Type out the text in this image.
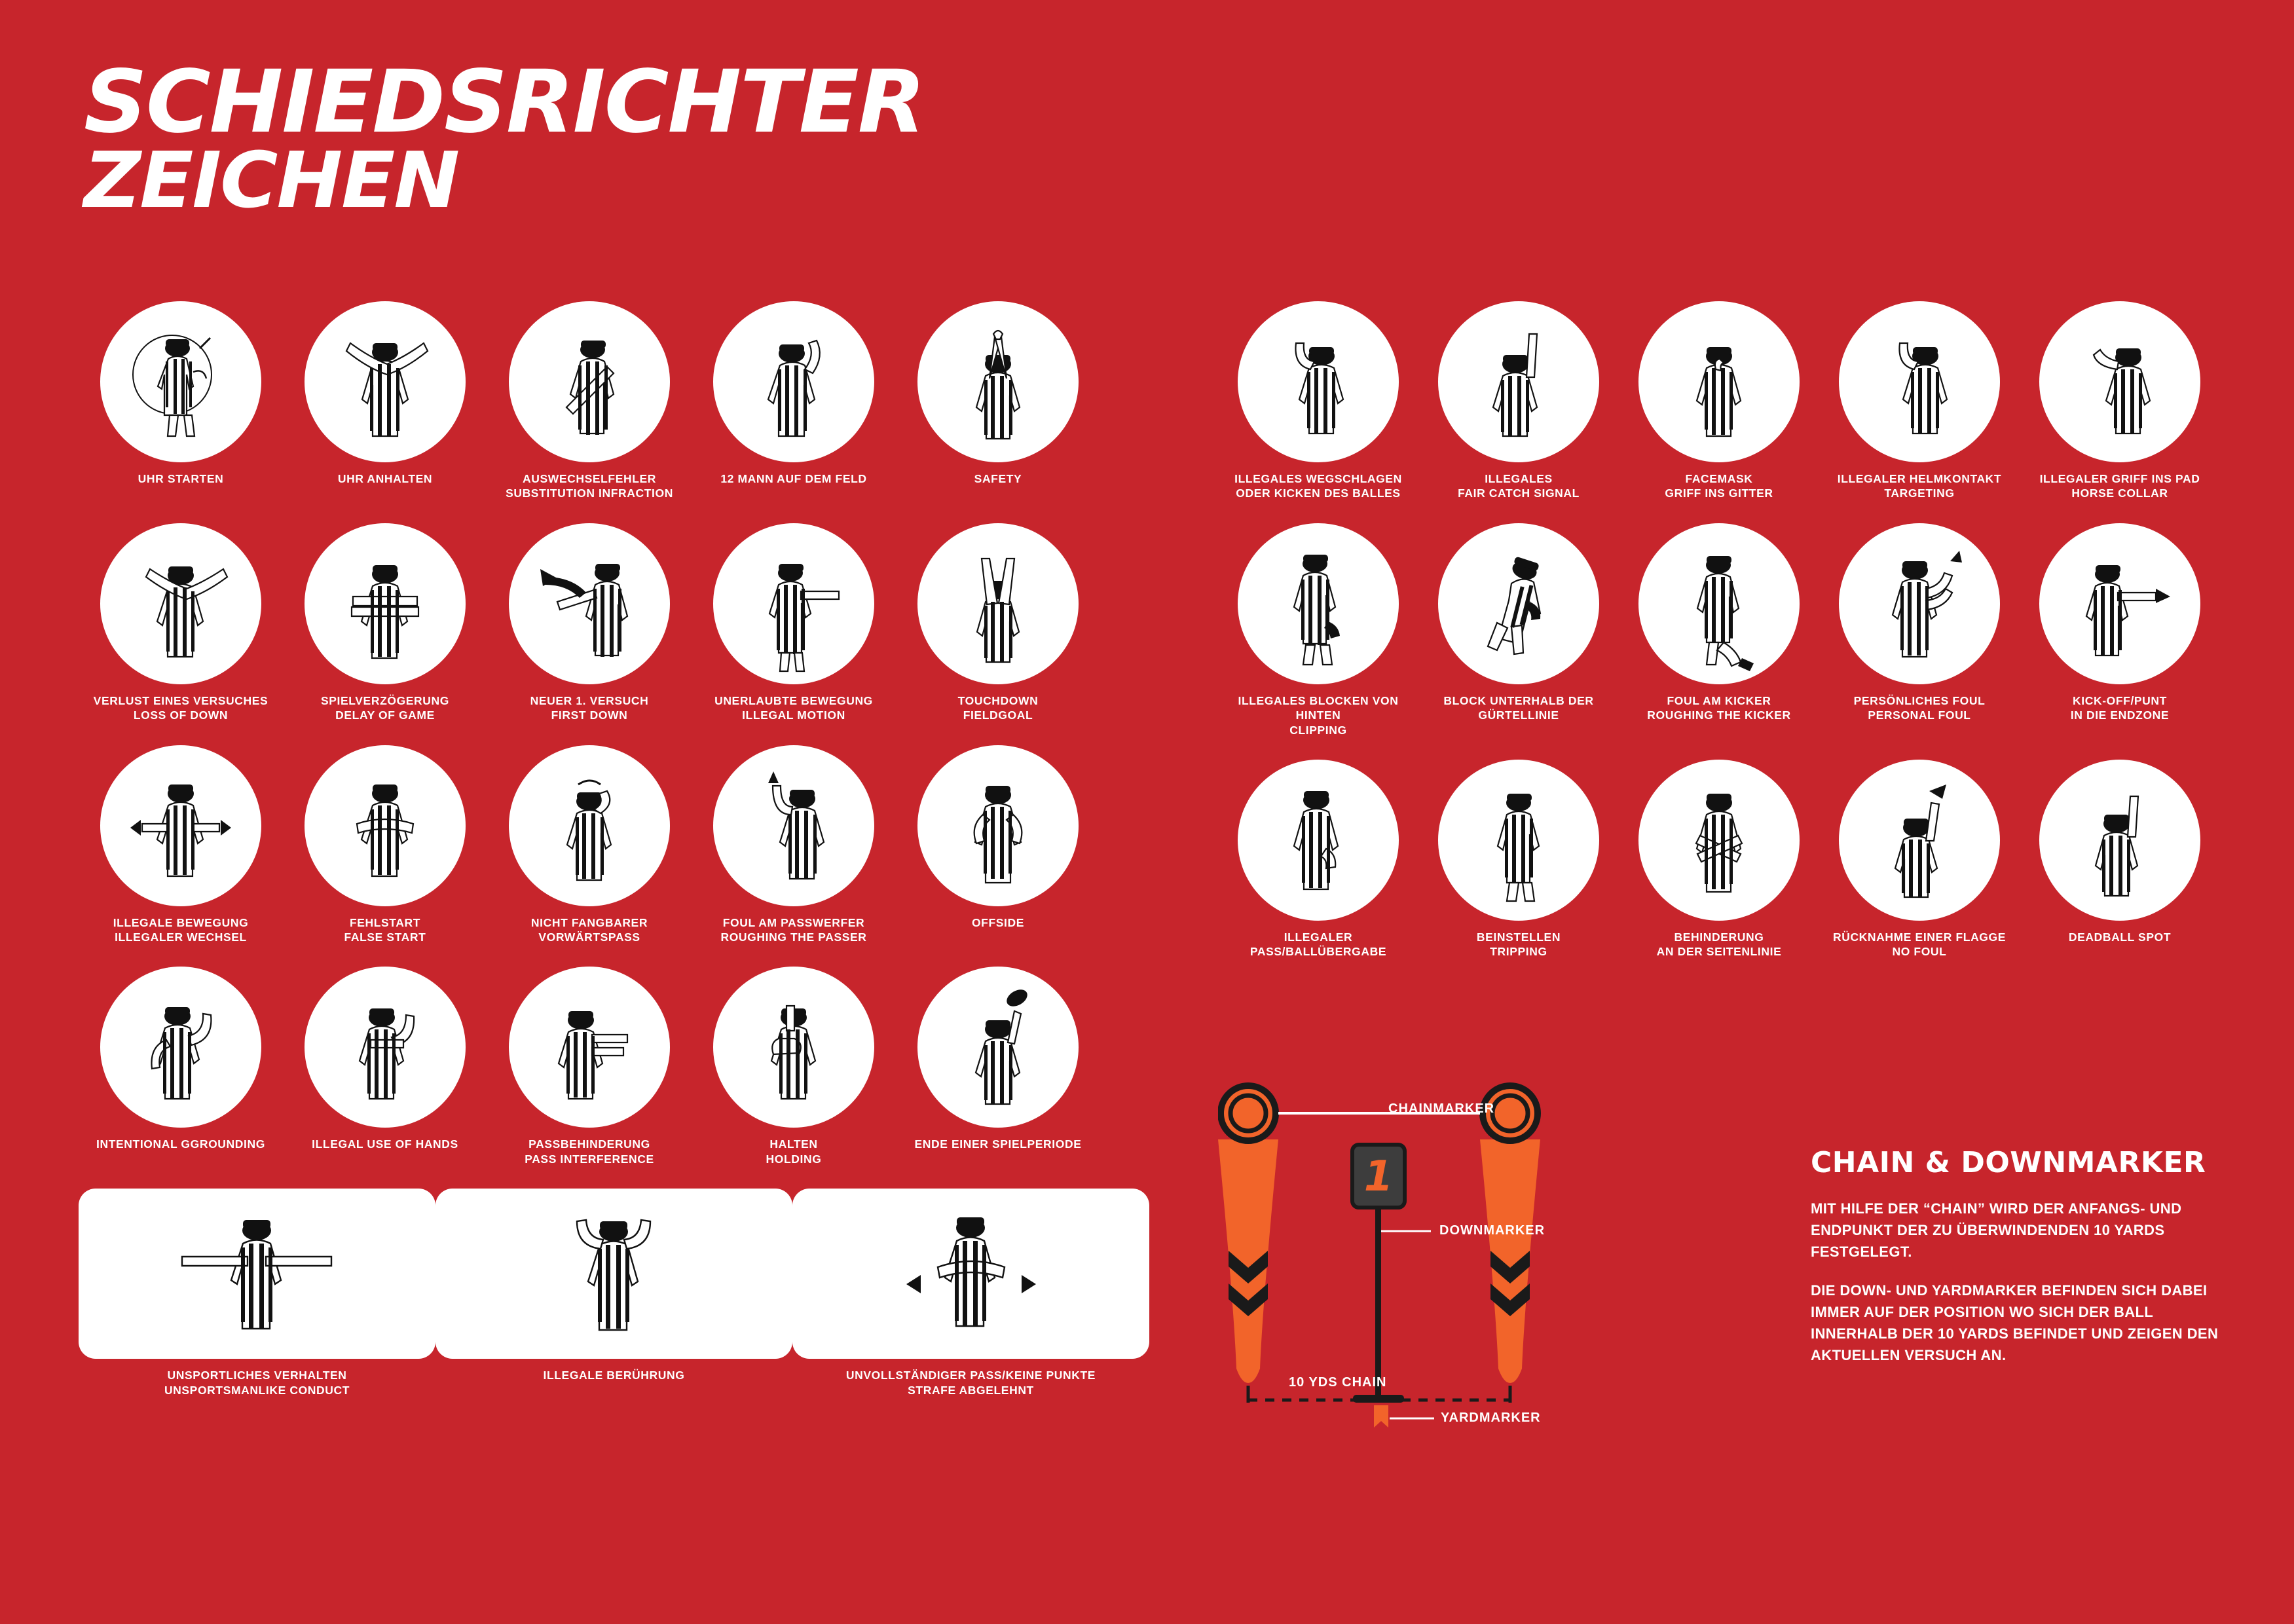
SCHIEDSRICHTER
ZEICHEN
UHR STARTEN	UHR ANHALTEN	AUSWECHSELFEHLER
SUBSTITUTION INFRACTION
12 MANN AUF DEM FELD	SAFETY
VERLUST EINES VERSUCHES
LOSS OF DOWN
SPIELVERZÖGERUNG
DELAY OF GAME
NEUER 1. VERSUCH
FIRST DOWN
UNERLAUBTE BEWEGUNG
ILLEGAL MOTION
TOUCHDOWN
FIELDGOAL
ILLEGALE BEWEGUNG
ILLEGALER WECHSEL
FEHLSTART
FALSE START
NICHT FANGBARER
VORWÄRTSPASS
FOUL AM PASSWERFER
ROUGHING THE PASSER
OFFSIDE
INTENTIONAL GGROUNDING	ILLEGAL USE OF HANDS	PASSBEHINDERUNG
PASS INTERFERENCE
HALTEN
HOLDING
ENDE EINER SPIELPERIODE
UNSPORTLICHES VERHALTEN
UNSPORTSMANLIKE CONDUCT
ILLEGALE BERÜHRUNG	UNVOLLSTÄNDIGER PASS/KEINE PUNKTE
STRAFE ABGELEHNT
ILLEGALES WEGSCHLAGEN
ODER KICKEN DES BALLES
ILLEGALES
FAIR CATCH SIGNAL
FACEMASK
GRIFF INS GITTER
ILLEGALER HELMKONTAKT
TARGETING
ILLEGALER GRIFF INS PAD
HORSE COLLAR
ILLEGALES BLOCKEN VON HINTEN
CLIPPING
BLOCK UNTERHALB DER
GÜRTELLINIE
FOUL AM KICKER
ROUGHING THE KICKER
PERSÖNLICHES FOUL
PERSONAL FOUL
KICK-OFF/PUNT
IN DIE ENDZONE
ILLEGALER
PASS/BALLÜBERGABE
BEINSTELLEN
TRIPPING
BEHINDERUNG
AN DER SEITENLINIE
RÜCKNAHME EINER FLAGGE
NO FOUL
DEADBALL SPOT
1
CHAINMARKER
DOWNMARKER
YARDMARKER
10 YDS CHAIN
CHAIN & DOWNMARKER
MIT HILFE DER “CHAIN” WIRD DER ANFANGS- UND ENDPUNKT DER ZU ÜBERWINDENDEN 10 YARDS FESTGELEGT.
DIE DOWN- UND YARDMARKER BEFINDEN SICH DABEI IMMER AUF DER POSITION WO SICH DER BALL INNERHALB DER 10 YARDS BEFINDET UND ZEIGEN DEN AKTUELLEN VERSUCH AN.
